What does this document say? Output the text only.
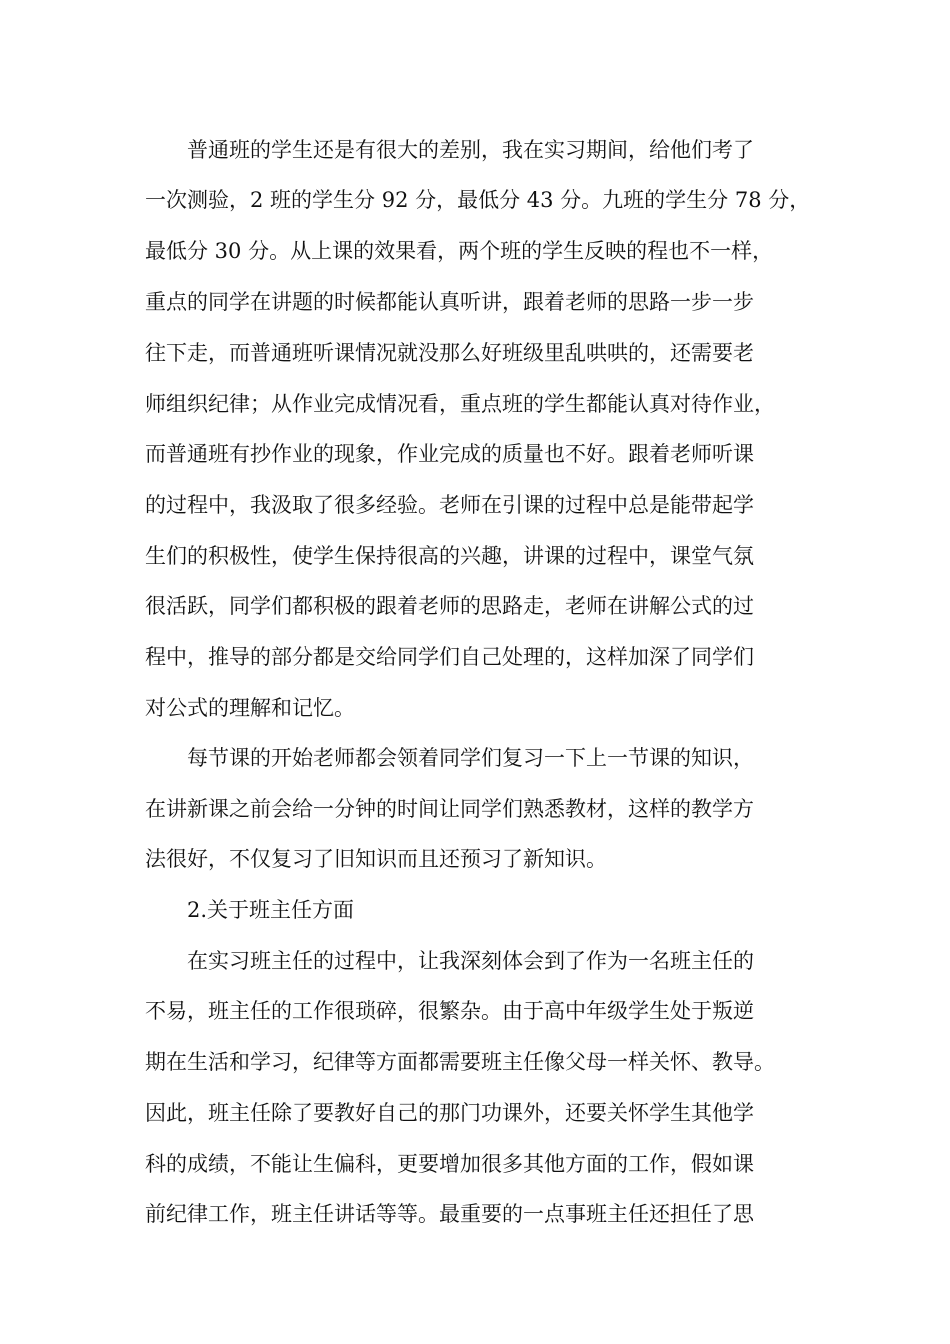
普通班的学生还是有很大的差别，我在实习期间，给他们考了
一次测验，2 班的学生分 92 分，最低分 43 分。九班的学生分 78 分，
最低分 30 分。从上课的效果看，两个班的学生反映的程也不一样，
重点的同学在讲题的时候都能认真听讲，跟着老师的思路一步一步
往下走，而普通班听课情况就没那么好班级里乱哄哄的，还需要老
师组织纪律；从作业完成情况看，重点班的学生都能认真对待作业，
而普通班有抄作业的现象，作业完成的质量也不好。跟着老师听课
的过程中，我汲取了很多经验。老师在引课的过程中总是能带起学
生们的积极性，使学生保持很高的兴趣，讲课的过程中，课堂气氛
很活跃，同学们都积极的跟着老师的思路走，老师在讲解公式的过
程中，推导的部分都是交给同学们自己处理的，这样加深了同学们
对公式的理解和记忆。
每节课的开始老师都会领着同学们复习一下上一节课的知识，
在讲新课之前会给一分钟的时间让同学们熟悉教材，这样的教学方
法很好，不仅复习了旧知识而且还预习了新知识。
2.关于班主任方面
在实习班主任的过程中，让我深刻体会到了作为一名班主任的
不易，班主任的工作很琐碎，很繁杂。由于高中年级学生处于叛逆
期在生活和学习，纪律等方面都需要班主任像父母一样关怀、教导。
因此，班主任除了要教好自己的那门功课外，还要关怀学生其他学
科的成绩，不能让生偏科，更要增加很多其他方面的工作，假如课
前纪律工作，班主任讲话等等。最重要的一点事班主任还担任了思
